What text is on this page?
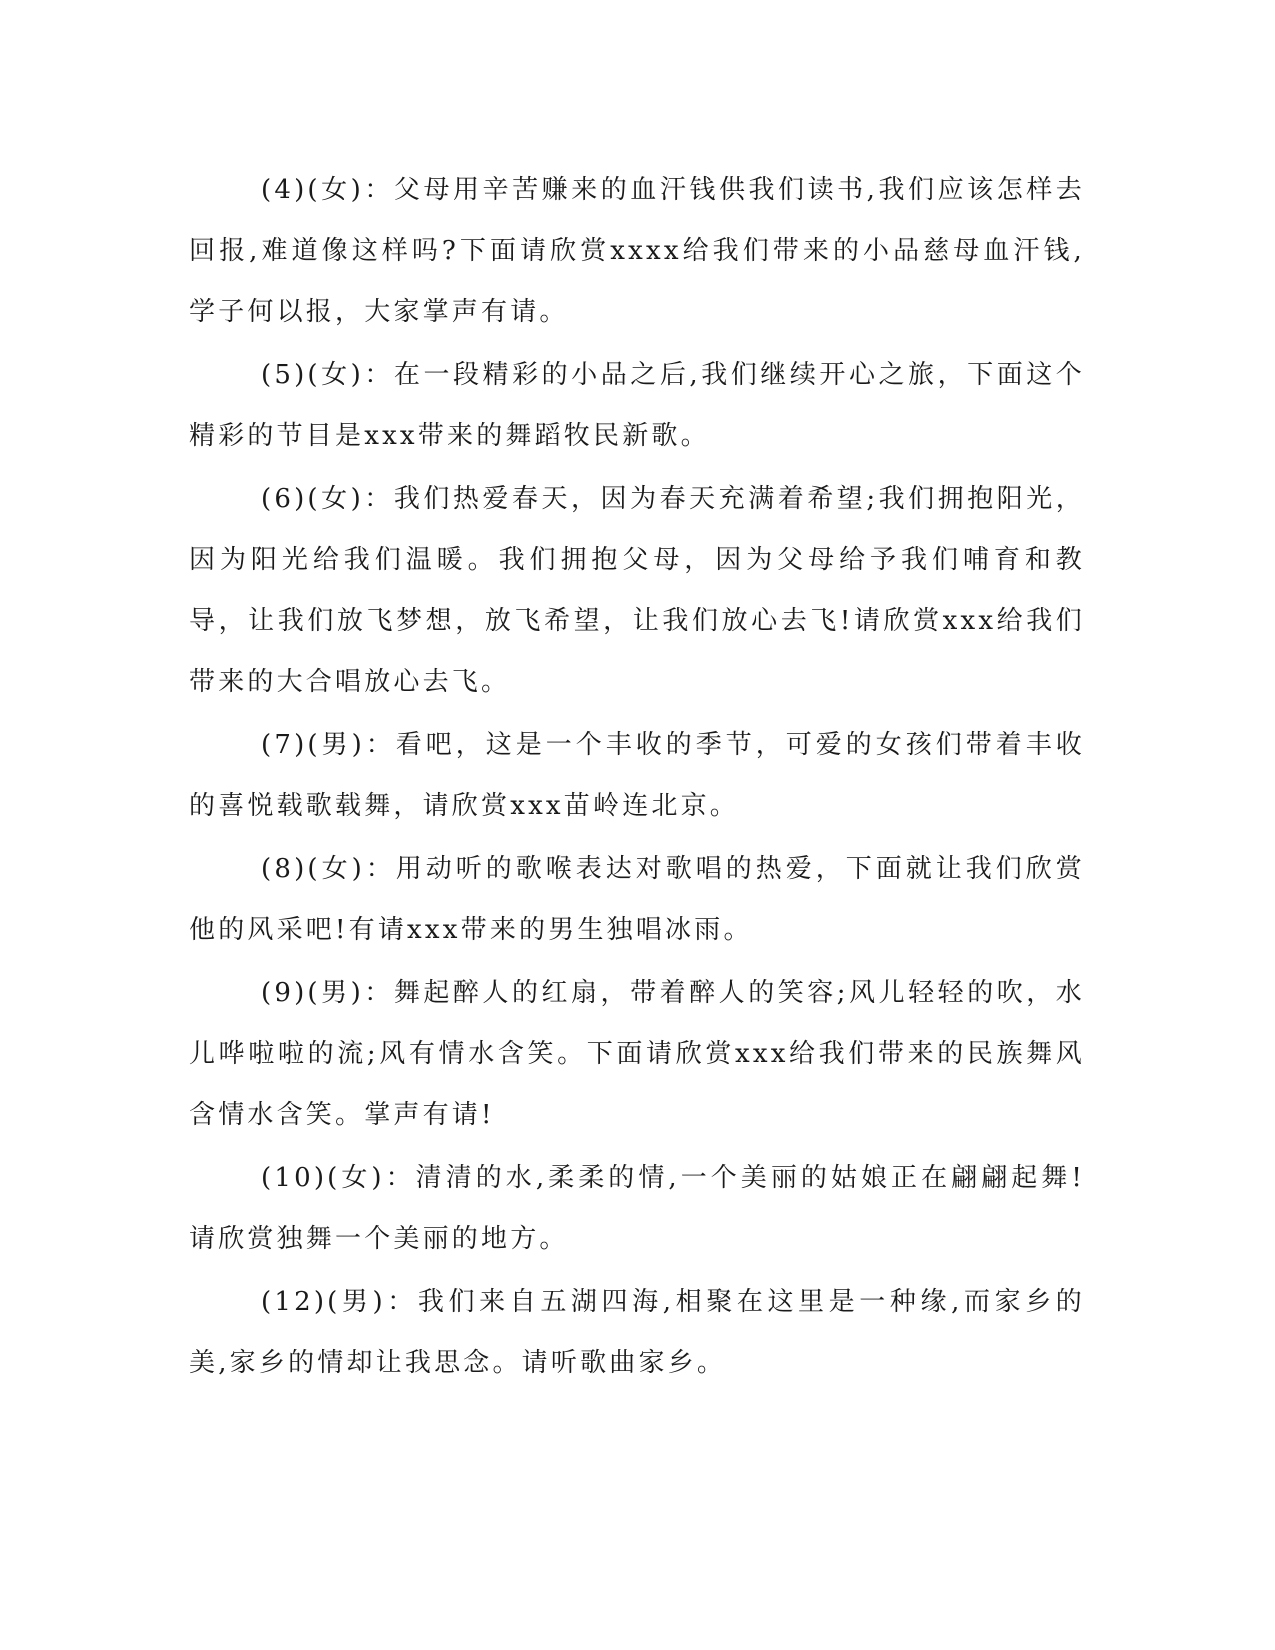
(4)(女)：父母用辛苦赚来的血汗钱供我们读书,我们应该怎样去回报,难道像这样吗?下面请欣赏xxxx给我们带来的小品慈母血汗钱,学子何以报，大家掌声有请。

(5)(女)：在一段精彩的小品之后,我们继续开心之旅，下面这个精彩的节目是xxx带来的舞蹈牧民新歌。

(6)(女)：我们热爱春天，因为春天充满着希望;我们拥抱阳光，因为阳光给我们温暖。我们拥抱父母，因为父母给予我们哺育和教导，让我们放飞梦想，放飞希望，让我们放心去飞!请欣赏xxx给我们带来的大合唱放心去飞。

(7)(男)：看吧，这是一个丰收的季节，可爱的女孩们带着丰收的喜悦载歌载舞，请欣赏xxx苗岭连北京。

(8)(女)：用动听的歌喉表达对歌唱的热爱，下面就让我们欣赏他的风采吧!有请xxx带来的男生独唱冰雨。

(9)(男)：舞起醉人的红扇，带着醉人的笑容;风儿轻轻的吹，水儿哗啦啦的流;风有情水含笑。下面请欣赏xxx给我们带来的民族舞风含情水含笑。掌声有请!

(10)(女)：清清的水,柔柔的情,一个美丽的姑娘正在翩翩起舞!请欣赏独舞一个美丽的地方。

(12)(男)：我们来自五湖四海,相聚在这里是一种缘,而家乡的美,家乡的情却让我思念。请听歌曲家乡。
